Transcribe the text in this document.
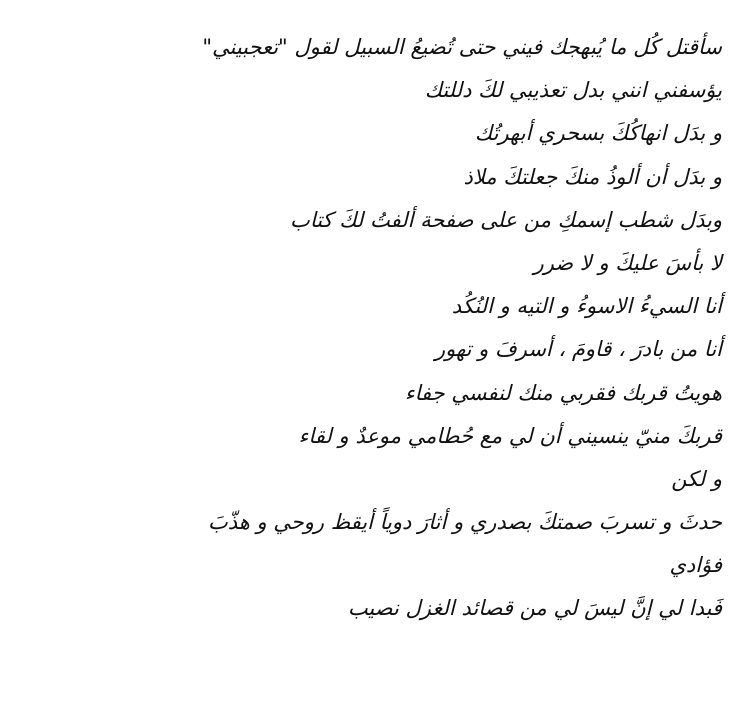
سأقتل كُل ما يُبهجك فيني حتى تُضيعُ السبيل لقول "تعجبيني"
يؤسفني انني بدل تعذيبي لكَ دللتك
و بدَل انهاكُكَ بسحري أبهرتُك
و بدَل أن ألوذُ منكَ جعلتكَ ملاذ
وبدَل شطب إسمكِ من على صفحة ألفتُ لكَ كتاب
لا بأسَ عليكَ و لا ضرر
أنا السيءُ الاسوءُ و التيه و النُكُد
أنا من بادرَ ، قاومَ ، أسرفَ و تهور
هويتُ قربك فقربي منك لنفسي جفاء
قربكَ منيّ ينسيني أن لي مع حُطامي موعدٌ و لقاء
و لكن
حدثَ و تسربَ صمتكَ بصدري و أثارَ دوياً أيقظ روحي و هذّبَ
فؤادي
فَبدا لي إنَّ ليسَ لي من قصائد الغزل نصيب
